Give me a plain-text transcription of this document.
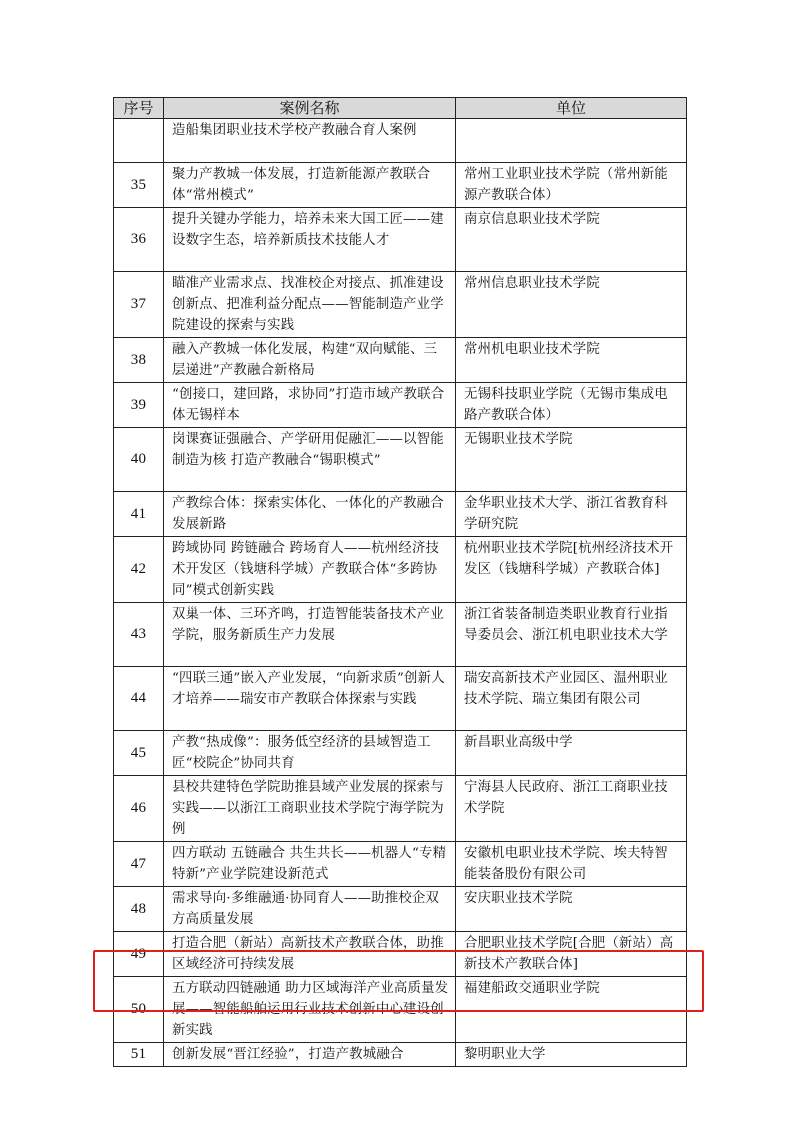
序号	案例名称	单位
	造船集团职业技术学校产教融合育人案例	
35	聚力产教城一体发展，打造新能源产教联合体“常州模式”	常州工业职业技术学院（常州新能源产教联合体）
36	提升关键办学能力，培养未来大国工匠——建设数字生态，培养新质技术技能人才	南京信息职业技术学院
37	瞄准产业需求点、找准校企对接点、抓准建设创新点、把准利益分配点——智能制造产业学院建设的探索与实践	常州信息职业技术学院
38	融入产教城一体化发展，构建“双向赋能、三层递进”产教融合新格局	常州机电职业技术学院
39	“创接口，建回路，求协同”打造市域产教联合体无锡样本	无锡科技职业学院（无锡市集成电路产教联合体）
40	岗课赛证强融合、产学研用促融汇——以智能制造为核 打造产教融合“锡职模式”	无锡职业技术学院
41	产教综合体：探索实体化、一体化的产教融合发展新路	金华职业技术大学、浙江省教育科学研究院
42	跨域协同 跨链融合 跨场育人——杭州经济技术开发区（钱塘科学城）产教联合体“多跨协同”模式创新实践	杭州职业技术学院[杭州经济技术开发区（钱塘科学城）产教联合体]
43	双巢一体、三环齐鸣，打造智能装备技术产业学院，服务新质生产力发展	浙江省装备制造类职业教育行业指导委员会、浙江机电职业技术大学
44	“四联三通”嵌入产业发展，“向新求质”创新人才培养——瑞安市产教联合体探索与实践	瑞安高新技术产业园区、温州职业技术学院、瑞立集团有限公司
45	产教“热成像”：服务低空经济的县域智造工匠“校院企”协同共育	新昌职业高级中学
46	县校共建特色学院助推县域产业发展的探索与实践——以浙江工商职业技术学院宁海学院为例	宁海县人民政府、浙江工商职业技术学院
47	四方联动 五链融合 共生共长——机器人“专精特新”产业学院建设新范式	安徽机电职业技术学院、埃夫特智能装备股份有限公司
48	需求导向·多维融通·协同育人——助推校企双方高质量发展	安庆职业技术学院
49	打造合肥（新站）高新技术产教联合体，助推区域经济可持续发展	合肥职业技术学院[合肥（新站）高新技术产教联合体]
50	五方联动四链融通 助力区域海洋产业高质量发展——智能船舶运用行业技术创新中心建设创新实践	福建船政交通职业学院
51	创新发展“晋江经验”，打造产教城融合	黎明职业大学
